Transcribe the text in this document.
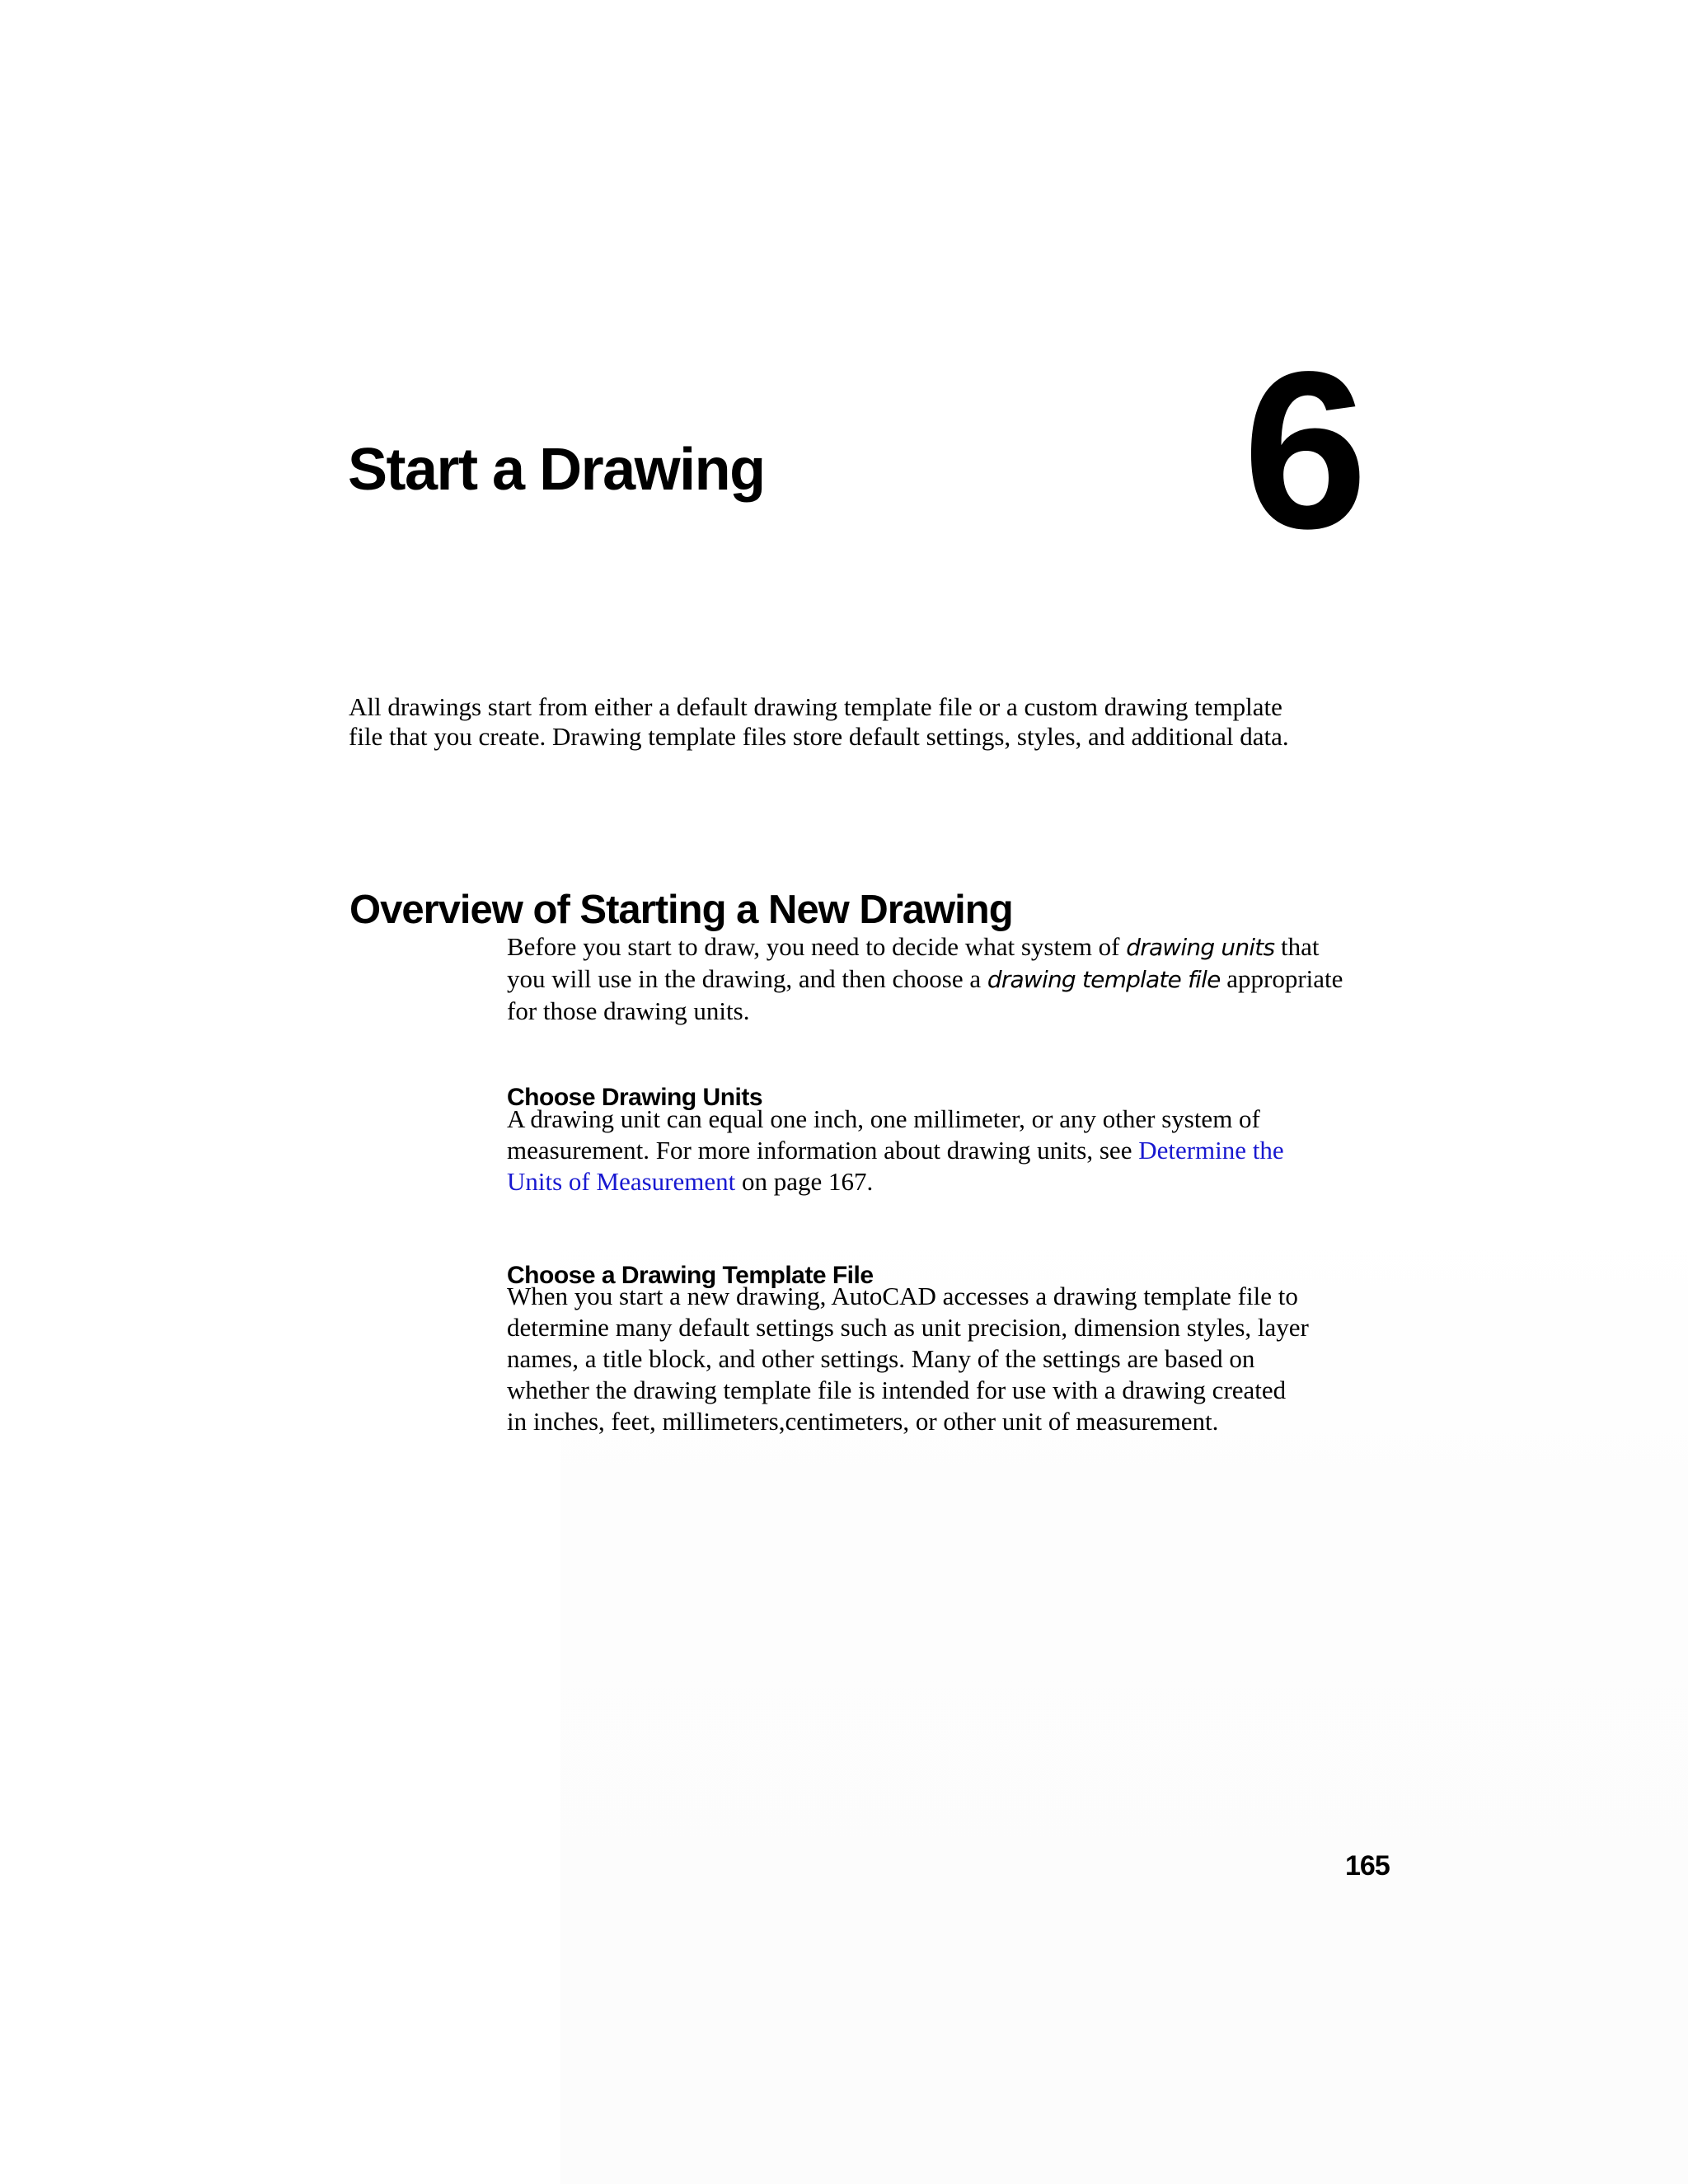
Start a Drawing 6
All drawings start from either a default drawing template file or a custom drawing template
file that you create. Drawing template files store default settings, styles, and additional data.
Overview of Starting a New Drawing
Before you start to draw, you need to decide what system of drawing units that
you will use in the drawing, and then choose a drawing template file appropriate
for those drawing units.
Choose Drawing Units
A drawing unit can equal one inch, one millimeter, or any other system of
measurement. For more information about drawing units, see Determine the
Units of Measurement on page 167.
Choose a Drawing Template File
When you start a new drawing, AutoCAD accesses a drawing template file to
determine many default settings such as unit precision, dimension styles, layer
names, a title block, and other settings. Many of the settings are based on
whether the drawing template file is intended for use with a drawing created
in inches, feet, millimeters,centimeters, or other unit of measurement.
165
